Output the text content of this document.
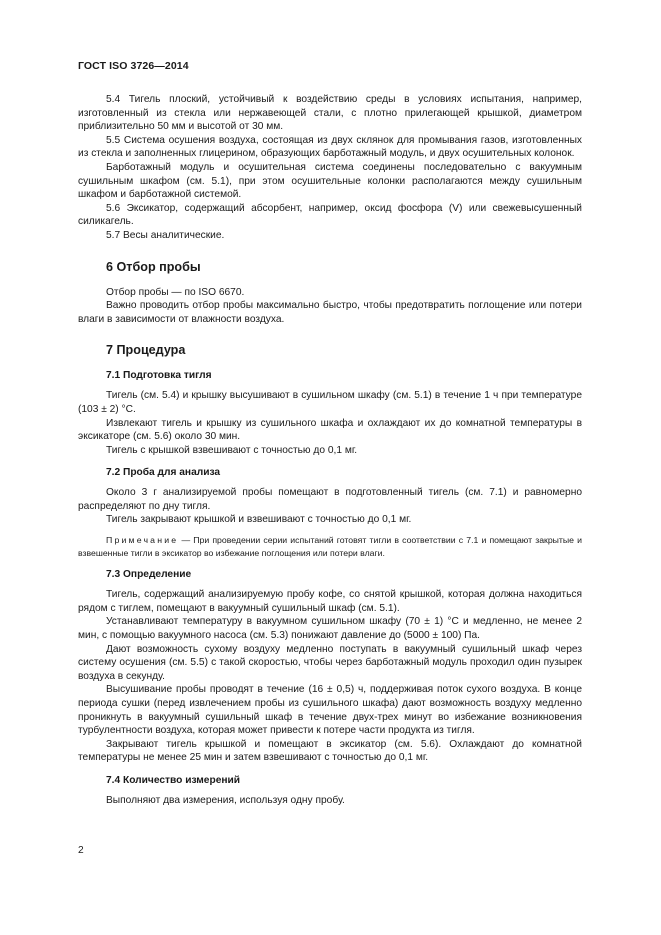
ГОСТ ISO 3726—2014

5.4 Тигель плоский, устойчивый к воздействию среды в условиях испытания, например, изготовленный из стекла или нержавеющей стали, с плотно прилегающей крышкой, диаметром приблизительно 50 мм и высотой от 30 мм.

5.5 Система осушения воздуха, состоящая из двух склянок для промывания газов, изготовленных из стекла и заполненных глицерином, образующих барботажный модуль, и двух осушительных колонок.

Барботажный модуль и осушительная система соединены последовательно с вакуумным сушильным шкафом (см. 5.1), при этом осушительные колонки располагаются между сушильным шкафом и барботажной системой.

5.6 Эксикатор, содержащий абсорбент, например, оксид фосфора (V) или свежевысушенный силикагель.

5.7 Весы аналитические.

6 Отбор пробы

Отбор пробы — по ISO 6670.

Важно проводить отбор пробы максимально быстро, чтобы предотвратить поглощение или потери влаги в зависимости от влажности воздуха.

7 Процедура
7.1 Подготовка тигля

Тигель (см. 5.4) и крышку высушивают в сушильном шкафу (см. 5.1) в течение 1 ч при температуре (103 ± 2) °С.

Извлекают тигель и крышку из сушильного шкафа и охлаждают их до комнатной температуры в эксикаторе (см. 5.6) около 30 мин.

Тигель с крышкой взвешивают с точностью до 0,1 мг.

7.2 Проба для анализа

Около 3 г анализируемой пробы помещают в подготовленный тигель (см. 7.1) и равномерно распределяют по дну тигля.

Тигель закрывают крышкой и взвешивают с точностью до 0,1 мг.

Примечание — При проведении серии испытаний готовят тигли в соответствии с 7.1 и помещают закрытые и взвешенные тигли в эксикатор во избежание поглощения или потери влаги.

7.3 Определение

Тигель, содержащий анализируемую пробу кофе, со снятой крышкой, которая должна находиться рядом с тиглем, помещают в вакуумный сушильный шкаф (см. 5.1).

Устанавливают температуру в вакуумном сушильном шкафу (70 ± 1) °С и медленно, не менее 2 мин, с помощью вакуумного насоса (см. 5.3) понижают давление до (5000 ± 100) Па.

Дают возможность сухому воздуху медленно поступать в вакуумный сушильный шкаф через систему осушения (см. 5.5) с такой скоростью, чтобы через барботажный модуль проходил один пузырек воздуха в секунду.

Высушивание пробы проводят в течение (16 ± 0,5) ч, поддерживая поток сухого воздуха. В конце периода сушки (перед извлечением пробы из сушильного шкафа) дают возможность воздуху медленно проникнуть в вакуумный сушильный шкаф в течение двух-трех минут во избежание возникновения турбулентности воздуха, которая может привести к потере части продукта из тигля.

Закрывают тигель крышкой и помещают в эксикатор (см. 5.6). Охлаждают до комнатной температуры не менее 25 мин и затем взвешивают с точностью до 0,1 мг.

7.4 Количество измерений

Выполняют два измерения, используя одну пробу.

2
